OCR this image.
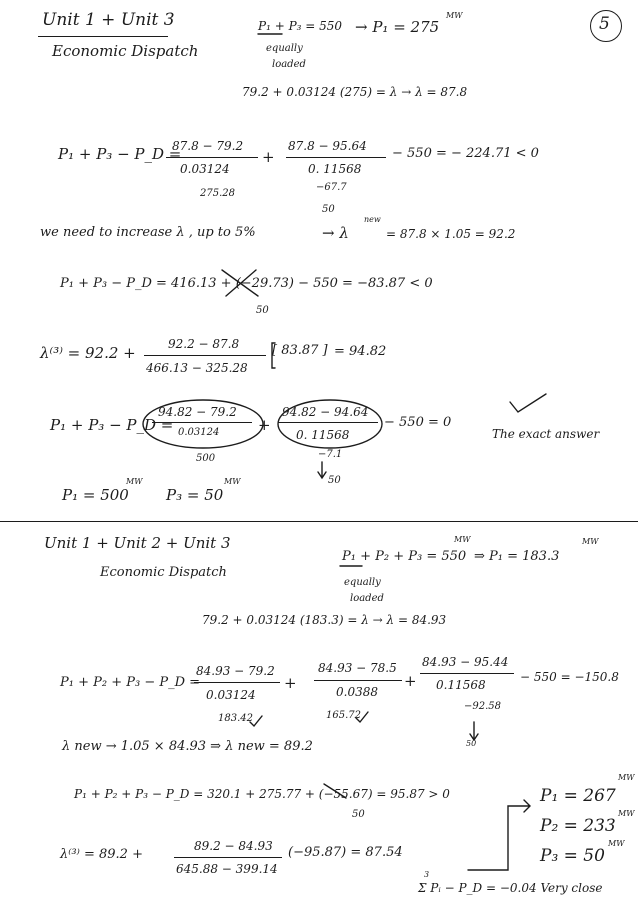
5
Unit 1 + Unit 3
Economic Dispatch
P₁ + P₃ = 550 → P₁ = 275
MW
equally
loaded
79.2 + 0.03124 (275) = λ → λ = 87.8
P₁ + P₃ − P_D =
87.8 − 79.2
0.03124
+
87.8 − 95.64
0. 11568
− 550 = − 224.71 < 0
275.28
−67.7
50
we need to increase λ , up to 5%	→ λ
new
= 87.8 × 1.05 = 92.2
P₁ + P₃ − P_D = 416.13 + (−29.73) − 550 = −83.87 < 0
50
λ⁽³⁾ = 92.2 +	92.2 − 87.8
466.13 − 325.28
[ 83.87 ] = 94.82
P₁ + P₃ − P_D =
94.82 − 79.2
0.03124	+
94.82 − 94.64
0. 11568
− 550 = 0
The exact answer
500	−7.1
50
P₁ = 500
MW
P₃ = 50
MW
Unit 1 + Unit 2 + Unit 3
Economic Dispatch
P₁ + P₂ + P₃ = 550
MW
⇒ P₁ = 183.3
MW
equally
loaded
79.2 + 0.03124 (183.3) = λ → λ = 84.93
P₁ + P₂ + P₃ − P_D =
84.93 − 79.2
0.03124
+
84.93 − 78.5
0.0388
+
84.93 − 95.44
0.11568
− 550 = −150.8
183.42	165.72
−92.58
50
λ new → 1.05 × 84.93 ⇒ λ new = 89.2
P₁ + P₂ + P₃ − P_D = 320.1 + 275.77 + (−55.67) = 95.87 > 0
50
λ⁽³⁾ = 89.2 +
89.2 − 84.93
645.88 − 399.14
(−95.87) = 87.54
P₁ = 267
MW
P₂ = 233
MW
P₃ = 50
MW
3
Σ Pᵢ − P_D = −0.04 Very close
